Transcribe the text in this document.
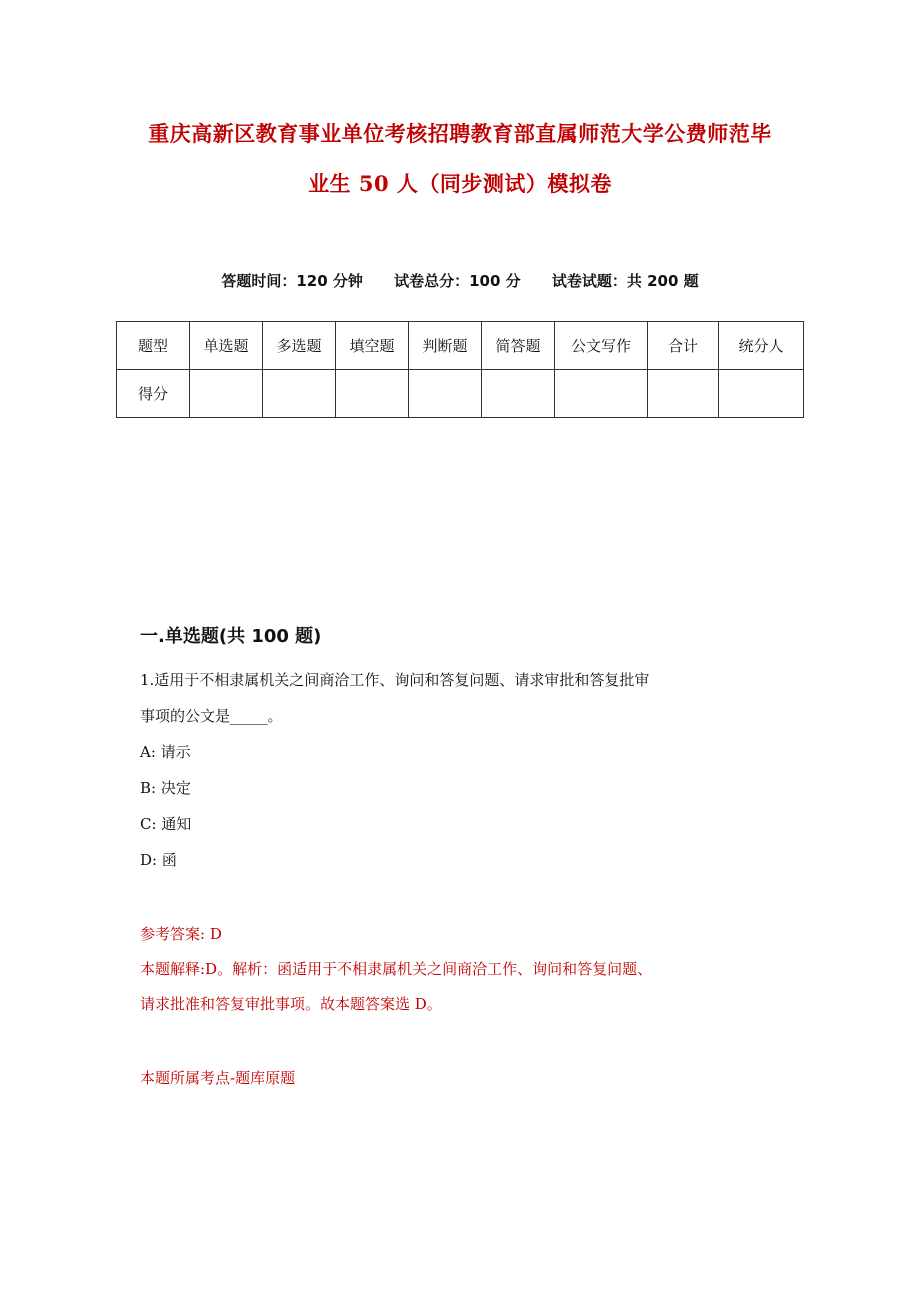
重庆高新区教育事业单位考核招聘教育部直属师范大学公费师范毕
业生 50 人（同步测试）模拟卷
答题时间：120 分钟 试卷总分：100 分 试卷试题：共 200 题
题型	单选题	多选题	填空题	判断题	简答题	公文写作	合计	统分人
得分								
一.单选题(共 100 题)
1.适用于不相隶属机关之间商洽工作、询问和答复问题、请求审批和答复批审
事项的公文是_____。
A: 请示
B: 决定
C: 通知
D: 函
参考答案: D
本题解释:D。解析：函适用于不相隶属机关之间商洽工作、询问和答复问题、
请求批准和答复审批事项。故本题答案选 D。
本题所属考点-题库原题
